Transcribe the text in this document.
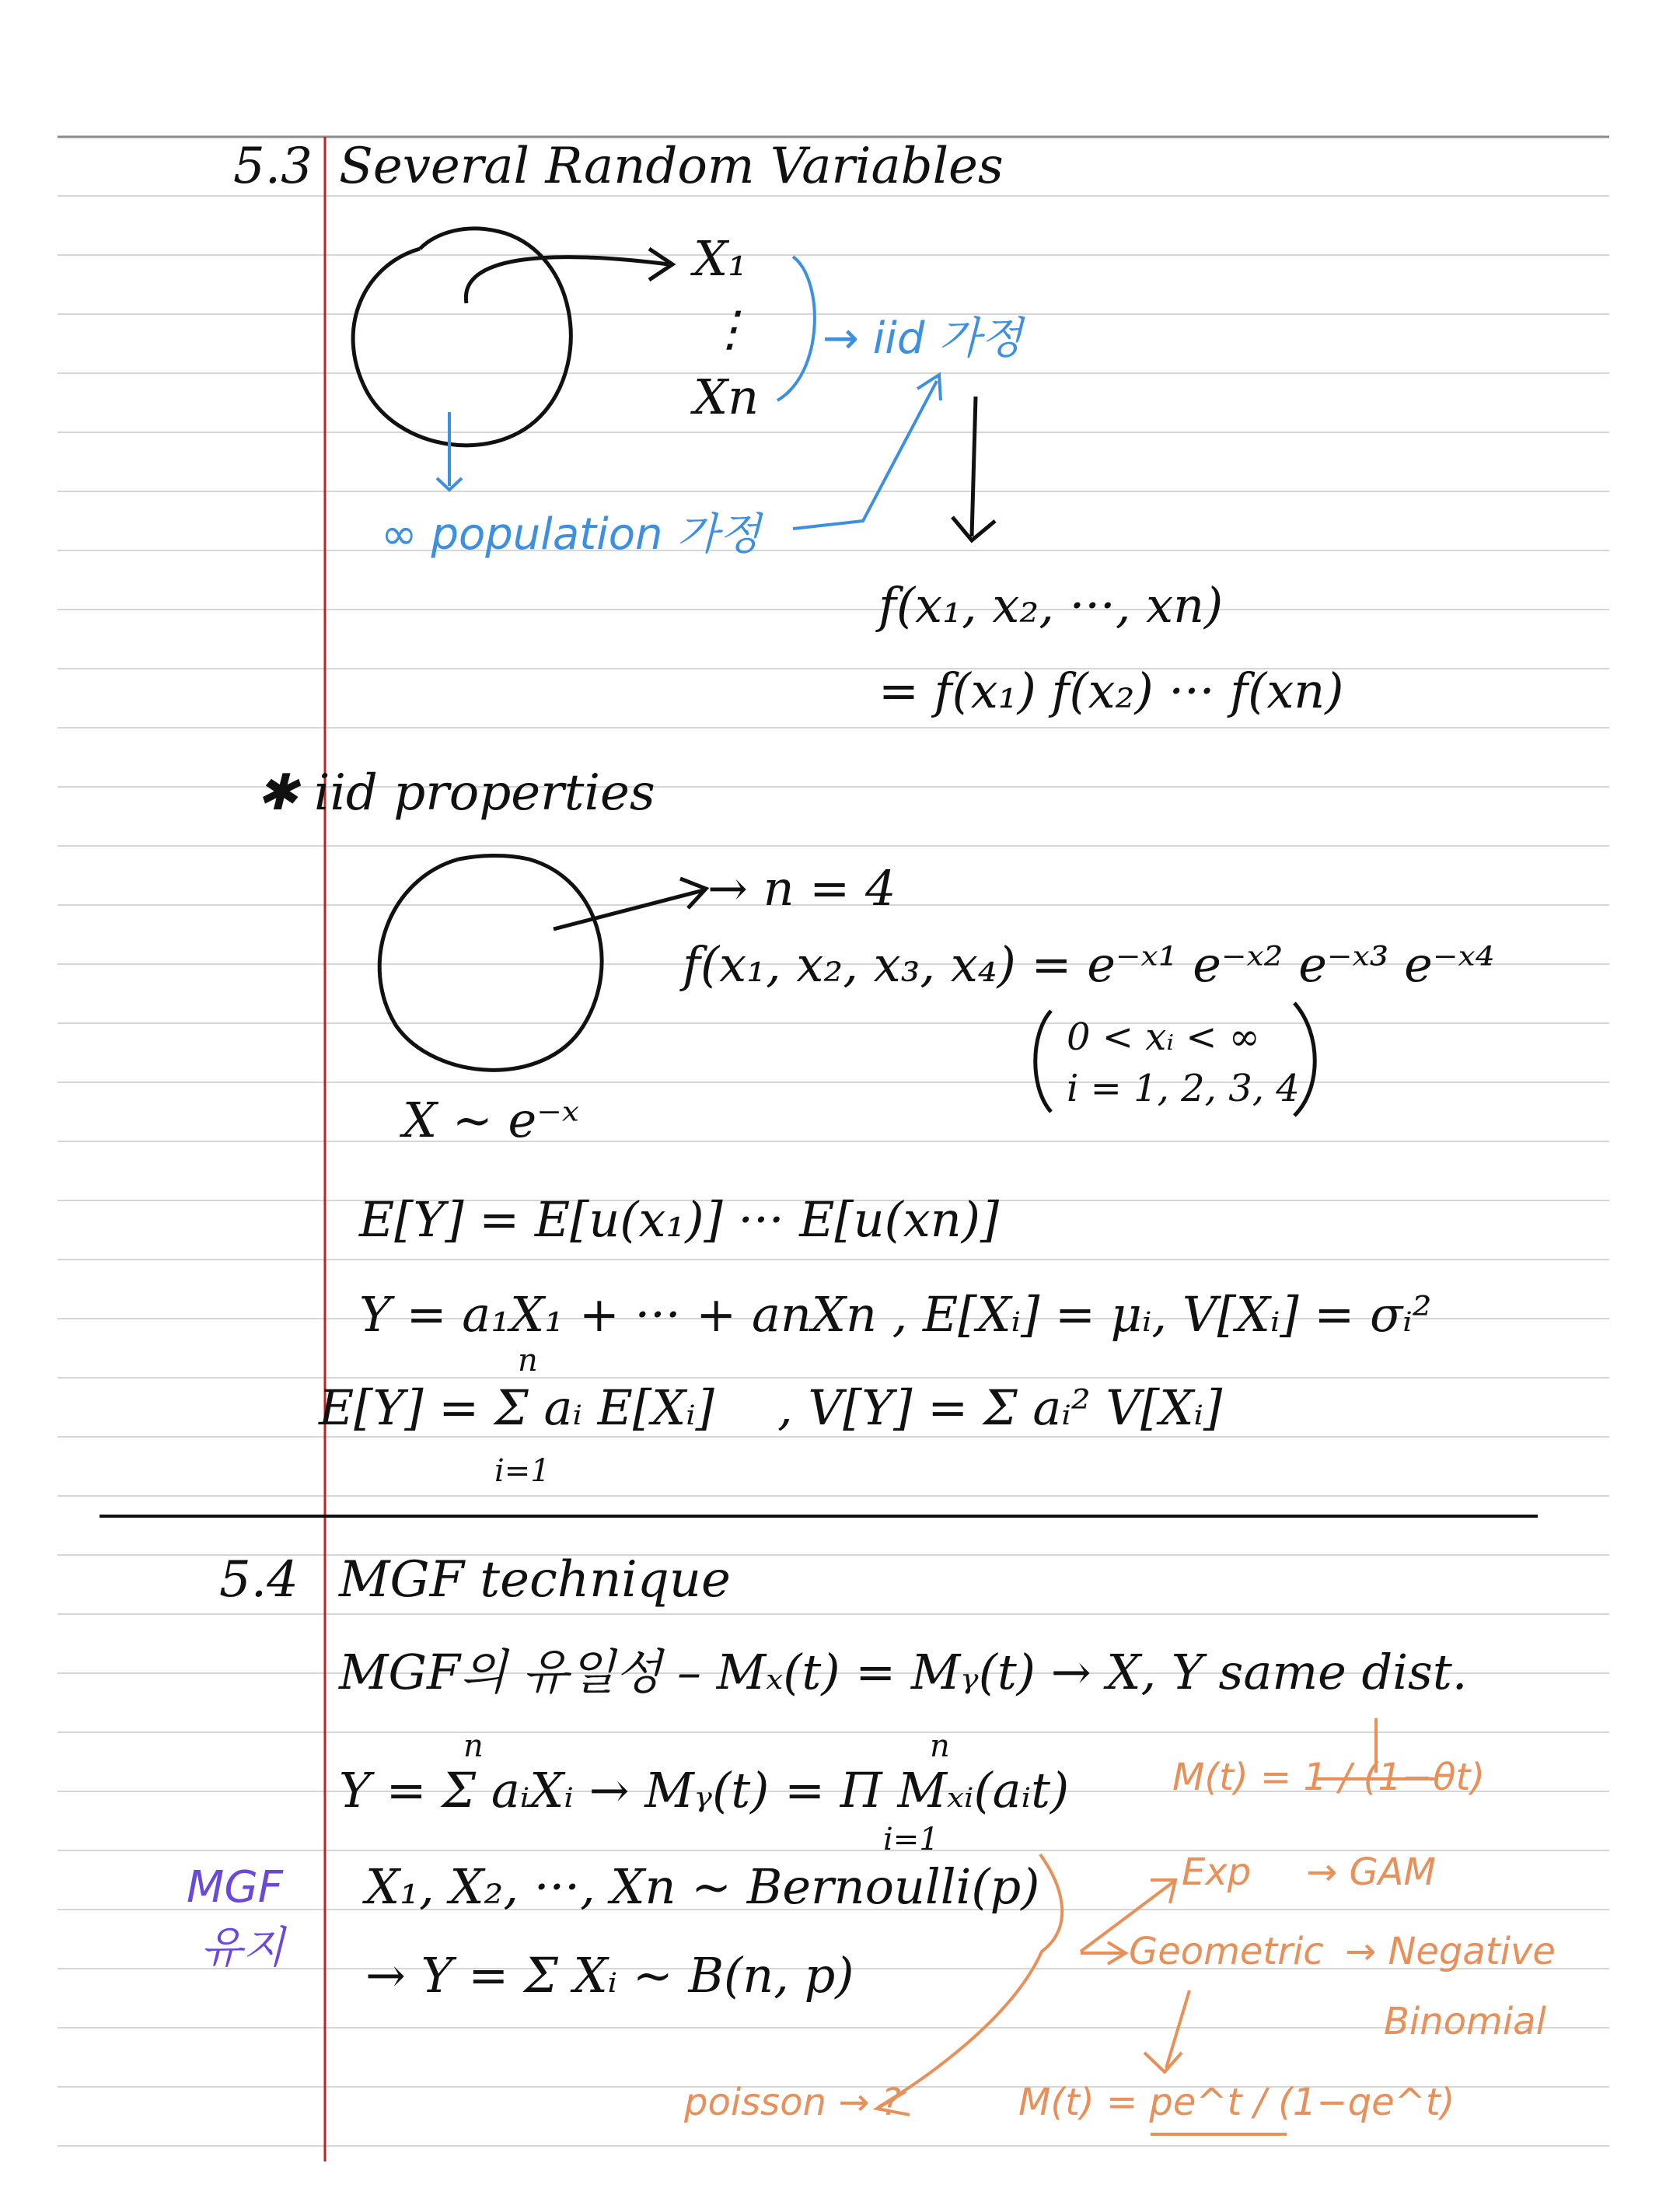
5.3 Several Random Variables
X₁
⋮
Xn
→ iid 가정
∞ population 가정
f(x₁, x₂, ···, xn)
= f(x₁) f(x₂) ··· f(xn)
✱ iid properties
→ n = 4
f(x₁, x₂, x₃, x₄) = e⁻ˣ¹ e⁻ˣ² e⁻ˣ³ e⁻ˣ⁴
0 < xᵢ < ∞
i = 1, 2, 3, 4
X ~ e⁻ˣ
E[Y] = E[u(x₁)] ··· E[u(xn)]
Y = a₁X₁ + ··· + anXn , E[Xᵢ] = μᵢ, V[Xᵢ] = σᵢ²
n
E[Y] = Σ aᵢ E[Xᵢ]
i=1
, V[Y] = Σ aᵢ² V[Xᵢ]
5.4 MGF technique
MGF의 유일성 – Mₓ(t) = Mᵧ(t) → X, Y same dist.
n	n
Y = Σ aᵢXᵢ → Mᵧ(t) = Π Mₓᵢ(aᵢt)
i=1
X₁, X₂, ···, Xn ~ Bernoulli(p)
→ Y = Σ Xᵢ ~ B(n, p)
MGF
유지
M(t) = 1 / (1−θt)
Exp → GAM
Geometric → Negative
Binomial
poisson → ?	M(t) = pe^t / (1−qe^t)
